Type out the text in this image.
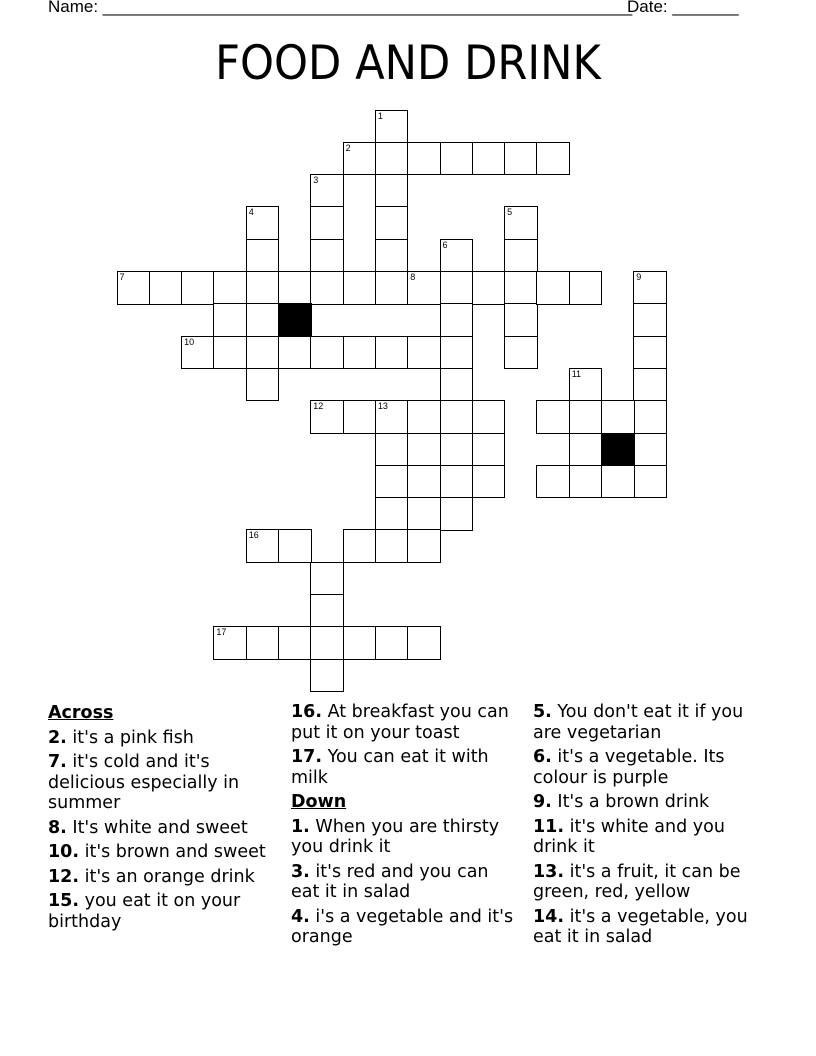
Name: ________________________________________________________
Date: _______
FOOD AND DRINK
1
2
3
4	5
6
9
7	8
10
11
12	13
16
17
Across
2. it's a pink fish
7. it's cold and it's delicious especially in summer
8. It's white and sweet
10. it's brown and sweet
12. it's an orange drink
15. you eat it on your birthday
16. At breakfast you can put it on your toast
17. You can eat it with milk
Down
1. When you are thirsty you drink it
3. it's red and you can eat it in salad
4. i's a vegetable and it's orange
5. You don't eat it if you are vegetarian
6. it's a vegetable. Its colour is purple
9. It's a brown drink
11. it's white and you drink it
13. it's a fruit, it can be green, red, yellow
14. it's a vegetable, you eat it in salad
